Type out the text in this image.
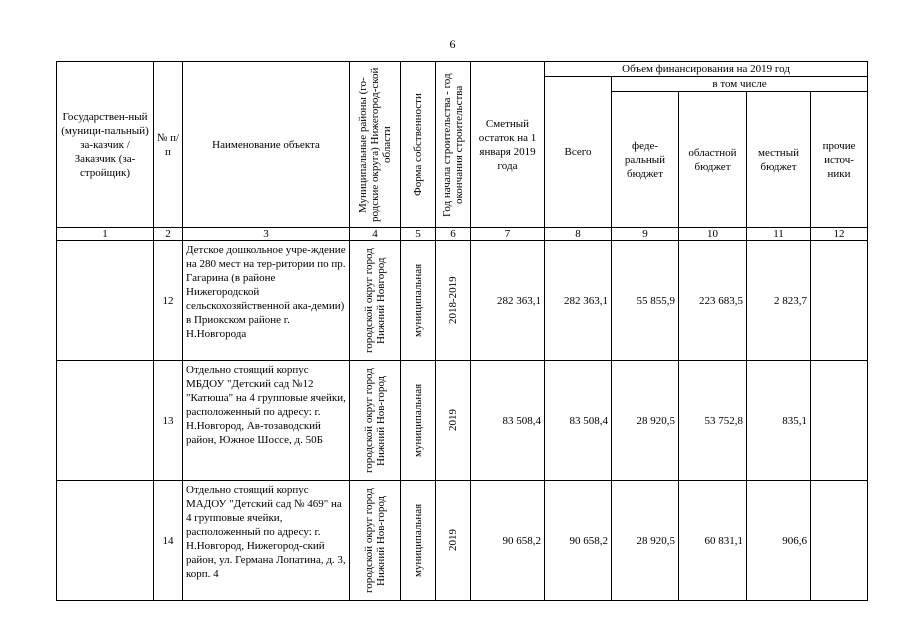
6
Государствен-ный (муници-пальный) за-казчик / Заказчик (за-стройщик)	№ п/п	Наименование объекта	Муниципальные районы (го-родские округа) Нижегород-ской области	Форма собственности	Год начала строительства - год окончания строительства	Сметный остаток на 1 января 2019 года	Объем финансирования на 2019 год				
							Всего	в том числе			
								феде-ральный бюджет	областной бюджет	местный бюджет	прочие источ-ники
1	2	3	4	5	6	7	8	9	10	11	12
	12	Детское дошкольное учре-ждение на 280 мест на тер-ритории по пр. Гагарина (в районе Нижегородской сельскохозяйственной ака-демии) в Приокском районе г. Н.Новгорода	городской округ город Нижний Новгород	муниципальная	2018-2019	282 363,1	282 363,1	55 855,9	223 683,5	2 823,7	
	13	Отдельно стоящий корпус МБДОУ "Детский сад №12 "Катюша" на 4 групповые ячейки, расположенный по адресу: г. Н.Новгород, Ав-тозаводский район, Южное Шоссе, д. 50Б	городской округ город Нижний Нов-город	муниципальная	2019	83 508,4	83 508,4	28 920,5	53 752,8	835,1	
	14	Отдельно стоящий корпус МАДОУ "Детский сад № 469" на 4 групповые ячейки, расположенный по адресу: г. Н.Новгород, Нижегород-ский район, ул. Германа Лопатина, д. 3, корп. 4	городской округ город Нижний Нов-город	муниципальная	2019	90 658,2	90 658,2	28 920,5	60 831,1	906,6	
